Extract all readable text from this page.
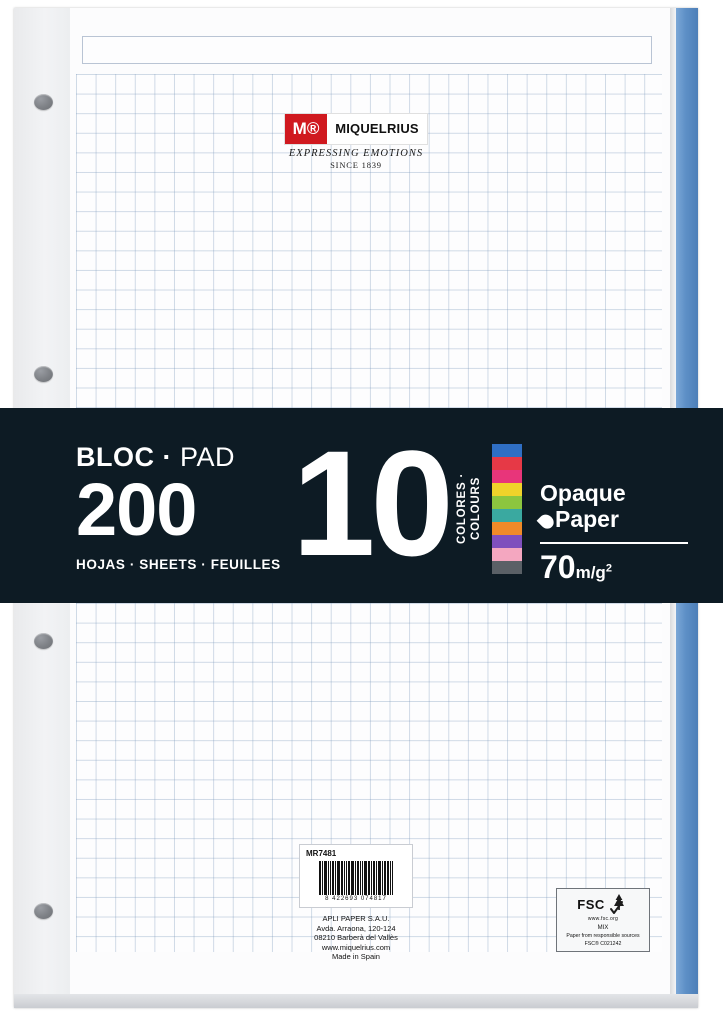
M®	MIQUELRIUS
EXPRESSING EMOTIONS
SINCE 1839
MR7481
8 422693 074817
APLI PAPER S.A.U.
Avda. Arraona, 120-124
08210 Barberà del Vallès
www.miquelrius.com
Made in Spain
FSC
www.fsc.org
MIX
Paper from responsible sources
FSC® C021242
BLOC · PAD
200
HOJAS · SHEETS · FEUILLES 10 COLORES · COLOURS	Opaque
Paper
$70m/g^2$
